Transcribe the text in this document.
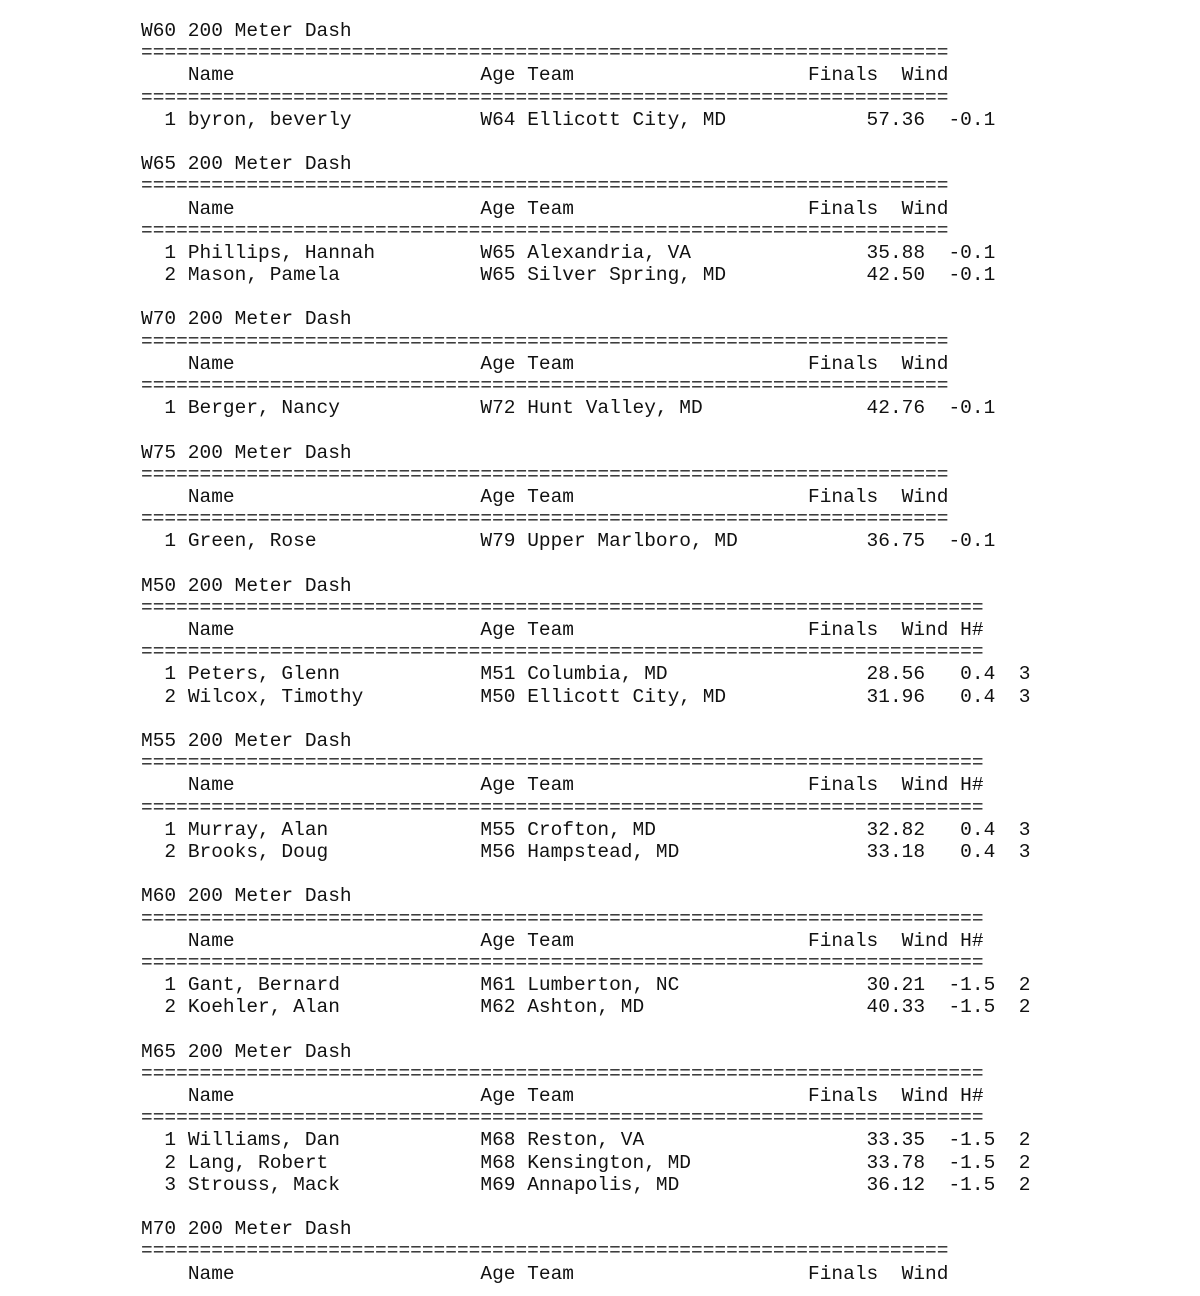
W60 200 Meter Dash
=====================================================================
Name                     Age Team                    Finals Wind
=====================================================================
1 byron, beverly           W64 Ellicott City, MD            57.36  -0.1
W65 200 Meter Dash
=====================================================================
Name                     Age Team                    Finals Wind
=====================================================================
1 Phillips, Hannah         W65 Alexandria, VA               35.88  -0.1
2 Mason, Pamela            W65 Silver Spring, MD            42.50  -0.1
W70 200 Meter Dash
=====================================================================
Name                     Age Team                    Finals Wind
=====================================================================
1 Berger, Nancy            W72 Hunt Valley, MD              42.76  -0.1
W75 200 Meter Dash
=====================================================================
Name                     Age Team                    Finals Wind
=====================================================================
1 Green, Rose              W79 Upper Marlboro, MD           36.75  -0.1
M50 200 Meter Dash
========================================================================
Name                     Age Team                    Finals Wind H#
========================================================================
1 Peters, Glenn            M51 Columbia, MD                 28.56   0.4  3
2 Wilcox, Timothy          M50 Ellicott City, MD            31.96   0.4  3
M55 200 Meter Dash
========================================================================
Name                     Age Team                    Finals Wind H#
========================================================================
1 Murray, Alan             M55 Crofton, MD                  32.82   0.4  3
2 Brooks, Doug             M56 Hampstead, MD                33.18   0.4  3
M60 200 Meter Dash
========================================================================
Name                     Age Team                    Finals Wind H#
========================================================================
1 Gant, Bernard            M61 Lumberton, NC                30.21  -1.5  2
2 Koehler, Alan            M62 Ashton, MD                   40.33  -1.5  2
M65 200 Meter Dash
========================================================================
Name                     Age Team                    Finals Wind H#
========================================================================
1 Williams, Dan            M68 Reston, VA                   33.35  -1.5  2
2 Lang, Robert             M68 Kensington, MD               33.78  -1.5  2
3 Strouss, Mack            M69 Annapolis, MD                36.12  -1.5  2
M70 200 Meter Dash
=====================================================================
Name                     Age Team                    Finals Wind
